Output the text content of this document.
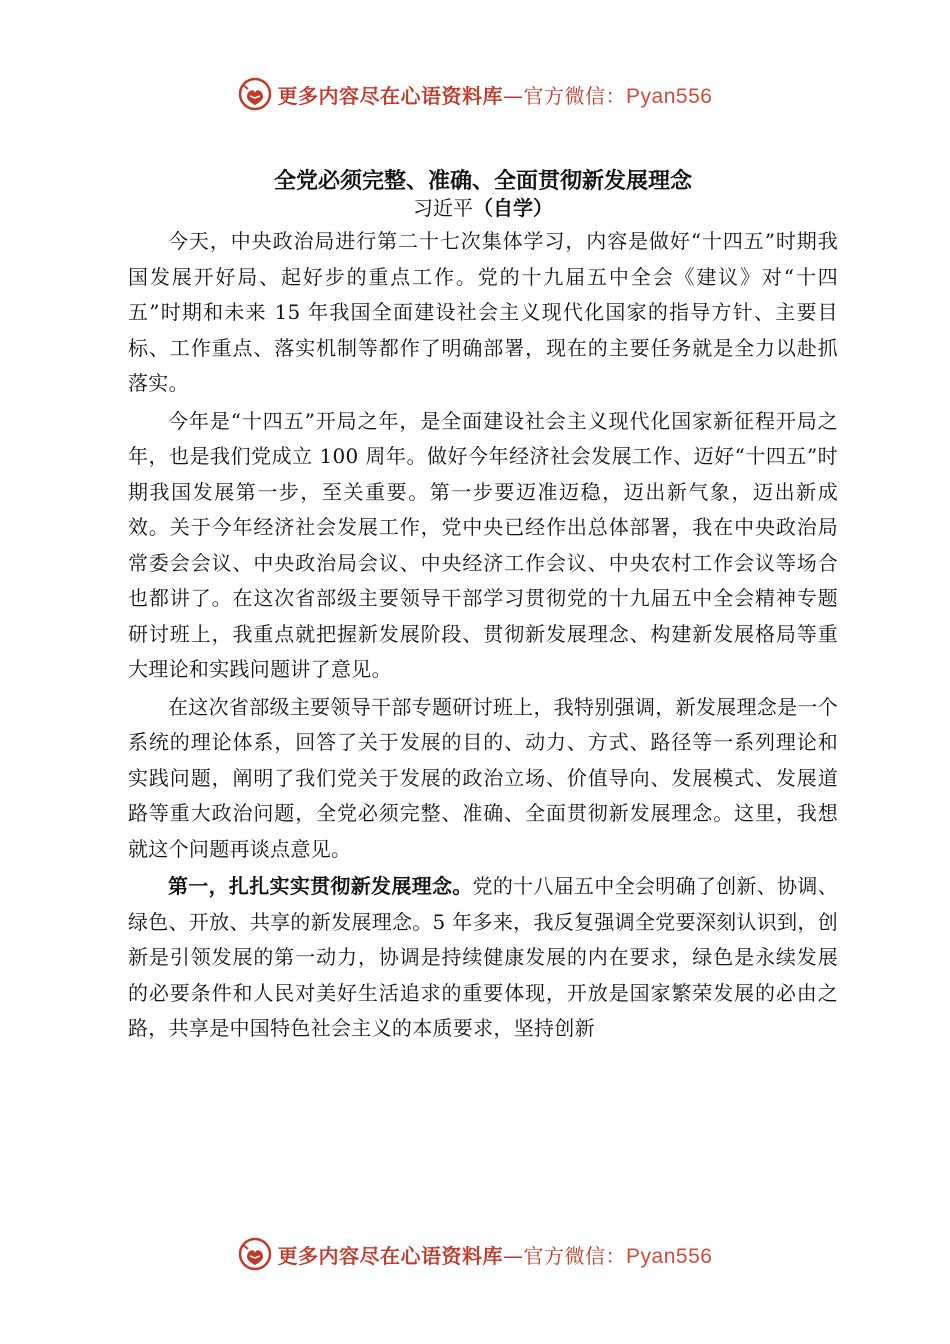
更多内容尽在心语资料库—官方微信：Pyan556

全党必须完整、准确、全面贯彻新发展理念

习近平（自学）

今天，中央政治局进行第二十七次集体学习，内容是做好“十四五”时期我国发展开好局、起好步的重点工作。党的十九届五中全会《建议》对“十四五”时期和未来 15 年我国全面建设社会主义现代化国家的指导方针、主要目标、工作重点、落实机制等都作了明确部署，现在的主要任务就是全力以赴抓落实。

今年是“十四五”开局之年，是全面建设社会主义现代化国家新征程开局之年，也是我们党成立 100 周年。做好今年经济社会发展工作、迈好“十四五”时期我国发展第一步，至关重要。第一步要迈准迈稳，迈出新气象，迈出新成效。关于今年经济社会发展工作，党中央已经作出总体部署，我在中央政治局常委会会议、中央政治局会议、中央经济工作会议、中央农村工作会议等场合也都讲了。在这次省部级主要领导干部学习贯彻党的十九届五中全会精神专题研讨班上，我重点就把握新发展阶段、贯彻新发展理念、构建新发展格局等重大理论和实践问题讲了意见。

在这次省部级主要领导干部专题研讨班上，我特别强调，新发展理念是一个系统的理论体系，回答了关于发展的目的、动力、方式、路径等一系列理论和实践问题，阐明了我们党关于发展的政治立场、价值导向、发展模式、发展道路等重大政治问题，全党必须完整、准确、全面贯彻新发展理念。这里，我想就这个问题再谈点意见。

第一，扎扎实实贯彻新发展理念。党的十八届五中全会明确了创新、协调、绿色、开放、共享的新发展理念。5 年多来，我反复强调全党要深刻认识到，创新是引领发展的第一动力，协调是持续健康发展的内在要求，绿色是永续发展的必要条件和人民对美好生活追求的重要体现，开放是国家繁荣发展的必由之路，共享是中国特色社会主义的本质要求，坚持创新

更多内容尽在心语资料库—官方微信：Pyan556
